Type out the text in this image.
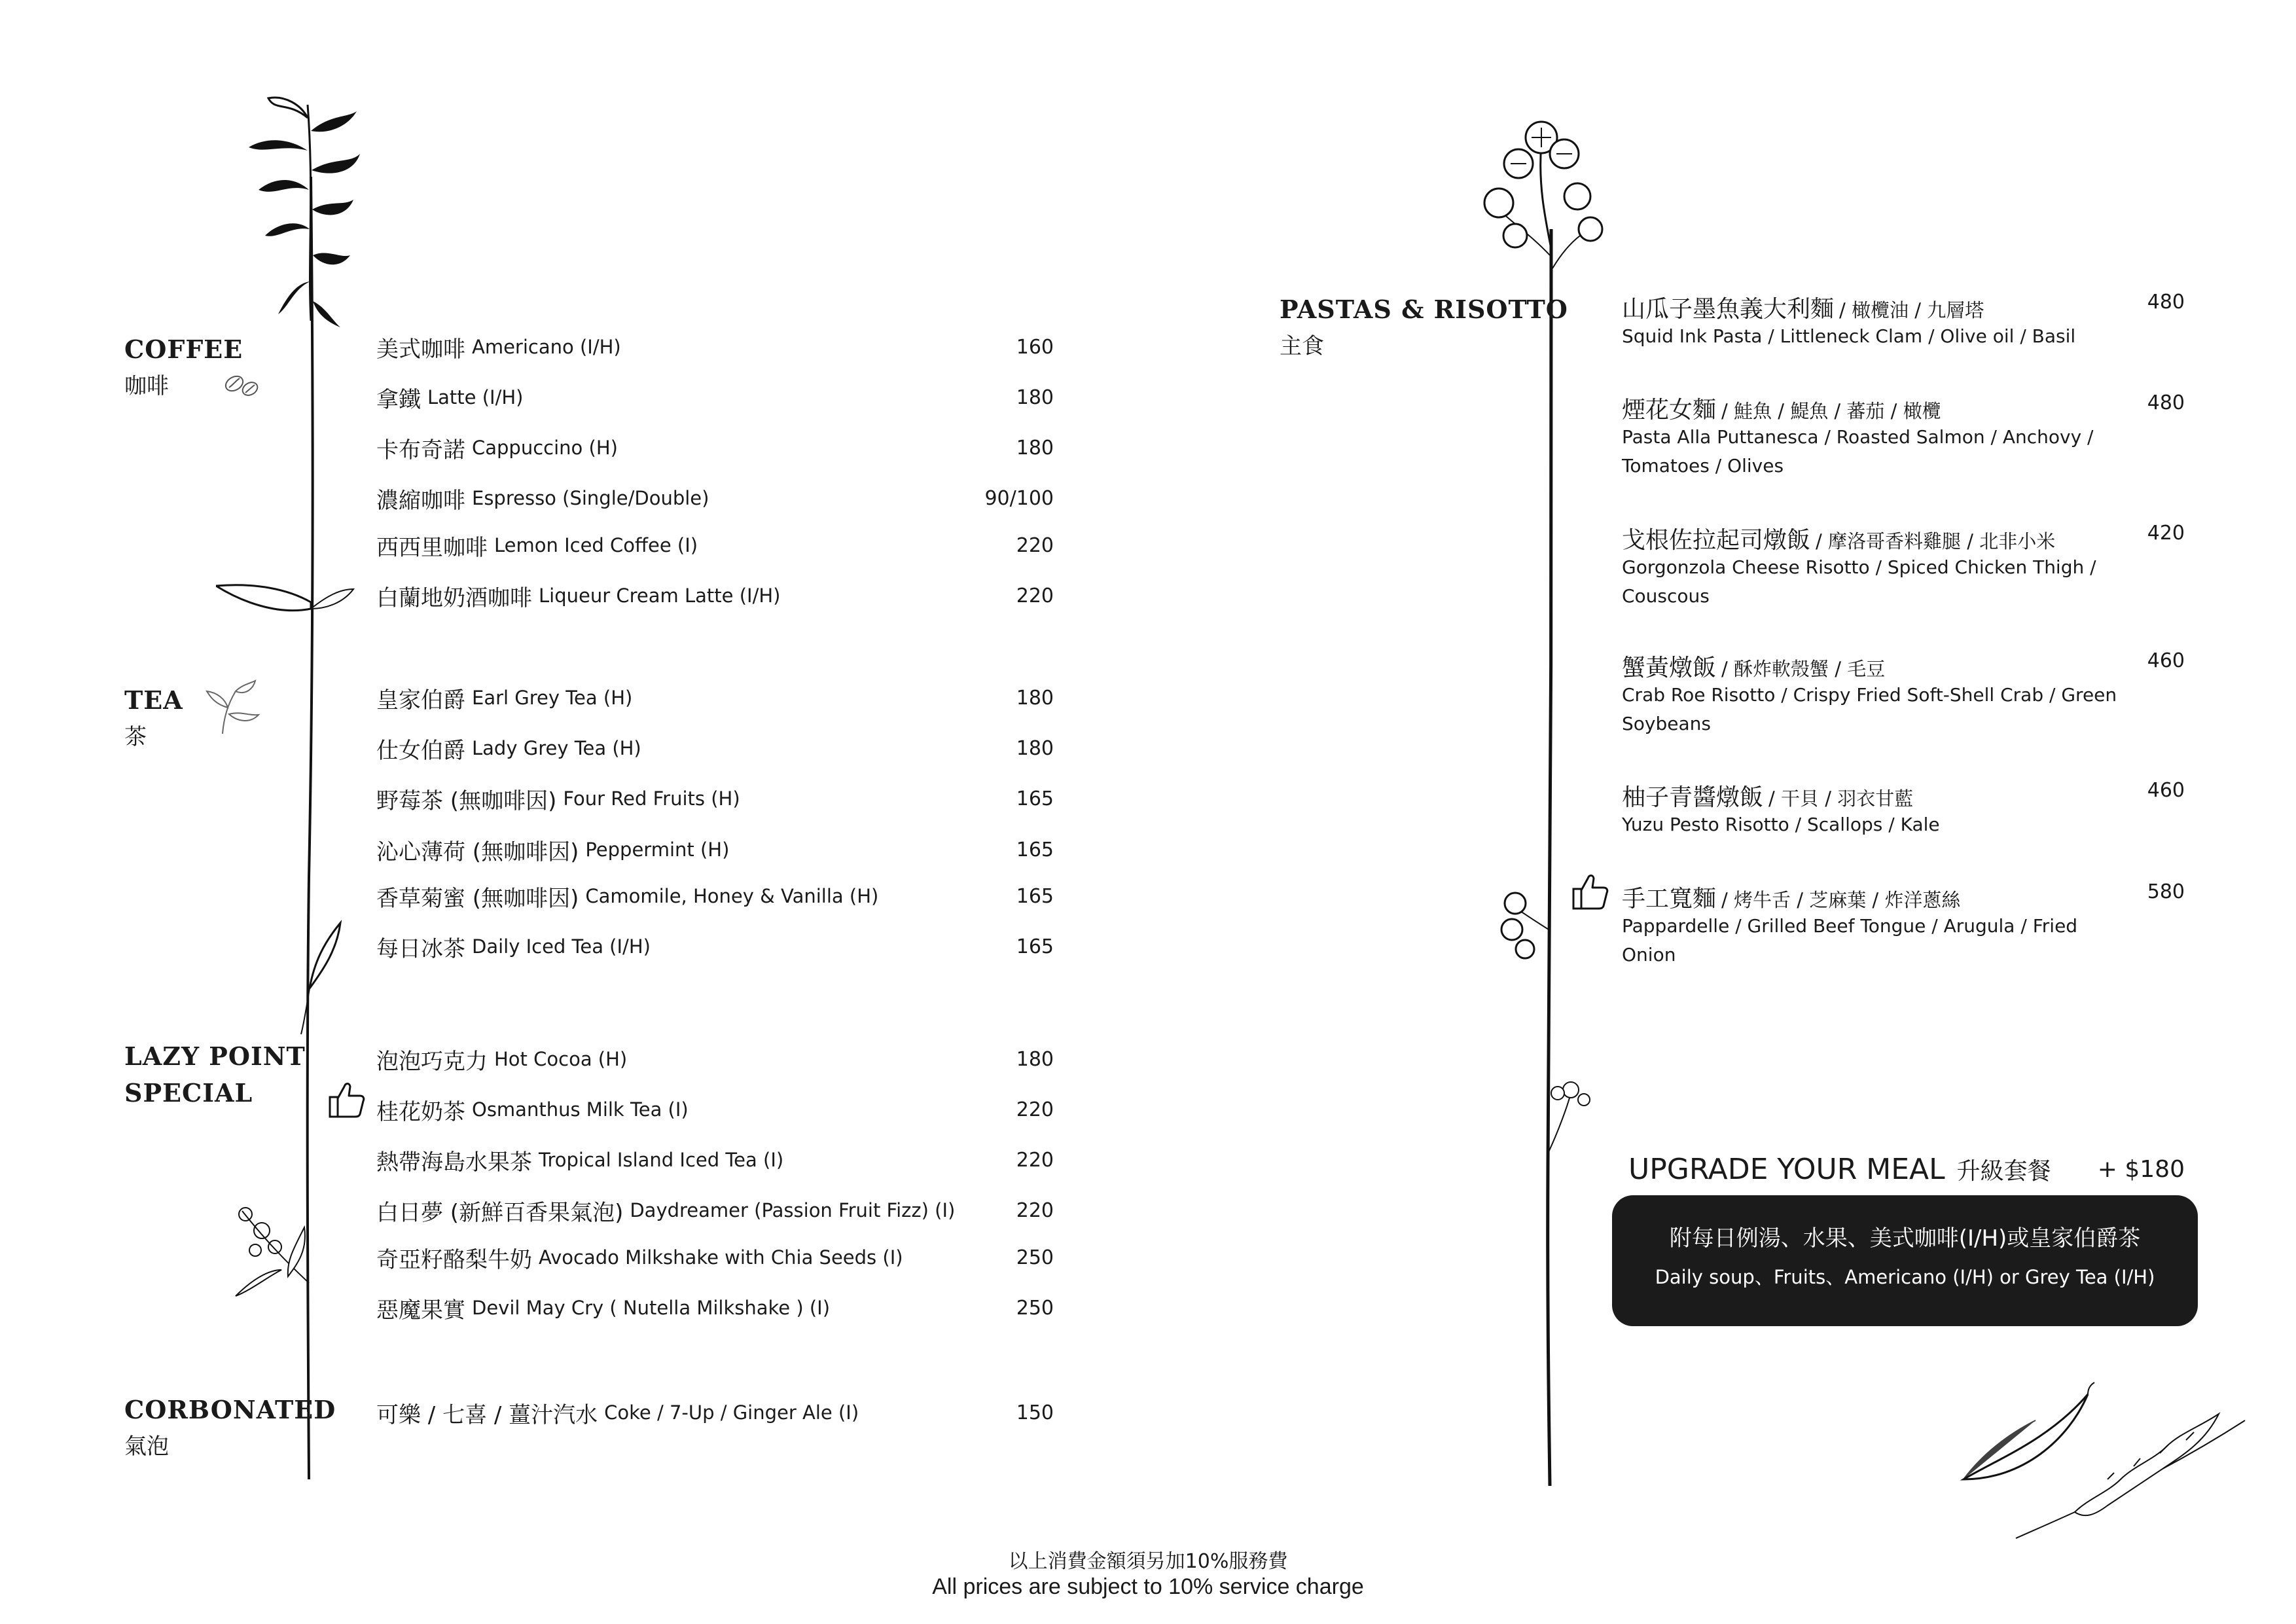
COFFEE
咖啡
美式咖啡 Americano (I/H)	160
拿鐵 Latte (I/H)	180
卡布奇諾 Cappuccino (H)	180
濃縮咖啡 Espresso (Single/Double)	90/100
西西里咖啡 Lemon Iced Coffee (I)	220
白蘭地奶酒咖啡 Liqueur Cream Latte (I/H)	220
TEA
茶
皇家伯爵 Earl Grey Tea (H)	180
仕女伯爵 Lady Grey Tea (H)	180
野莓茶 (無咖啡因) Four Red Fruits (H)	165
沁心薄荷 (無咖啡因) Peppermint (H)	165
香草菊蜜 (無咖啡因) Camomile, Honey & Vanilla (H)	165
每日冰茶 Daily Iced Tea (I/H)	165
LAZY POINT
SPECIAL
泡泡巧克力 Hot Cocoa (H)	180
桂花奶茶 Osmanthus Milk Tea (I)	220
熱帶海島水果茶 Tropical Island Iced Tea (I)	220
白日夢 (新鮮百香果氣泡) Daydreamer (Passion Fruit Fizz) (I)	220
奇亞籽酪梨牛奶 Avocado Milkshake with Chia Seeds (I)	250
惡魔果實 Devil May Cry ( Nutella Milkshake ) (I)	250
CORBONATED
氣泡
可樂 / 七喜 / 薑汁汽水 Coke / 7-Up / Ginger Ale (I)	150
PASTAS & RISOTTO
主食
山瓜子墨魚義大利麵 / 橄欖油 / 九層塔
Squid Ink Pasta / Littleneck Clam / Olive oil / Basil
480
煙花女麵 / 鮭魚 / 鯷魚 / 蕃茄 / 橄欖
Pasta Alla Puttanesca / Roasted Salmon / Anchovy / Tomatoes / Olives
480
戈根佐拉起司燉飯 / 摩洛哥香料雞腿 / 北非小米
Gorgonzola Cheese Risotto / Spiced Chicken Thigh / Couscous
420
蟹黃燉飯 / 酥炸軟殼蟹 / 毛豆
Crab Roe Risotto / Crispy Fried Soft-Shell Crab / Green Soybeans
460
柚子青醬燉飯 / 干貝 / 羽衣甘藍
Yuzu Pesto Risotto / Scallops / Kale
460
手工寬麵 / 烤牛舌 / 芝麻葉 / 炸洋蔥絲
Pappardelle / Grilled Beef Tongue / Arugula / Fried Onion
580
UPGRADE YOUR MEAL 升級套餐 + $180
附每日例湯、水果、美式咖啡(I/H)或皇家伯爵茶
Daily soup、Fruits、Americano (I/H) or Grey Tea (I/H)
以上消費金額須另加10%服務費
All prices are subject to 10% service charge
